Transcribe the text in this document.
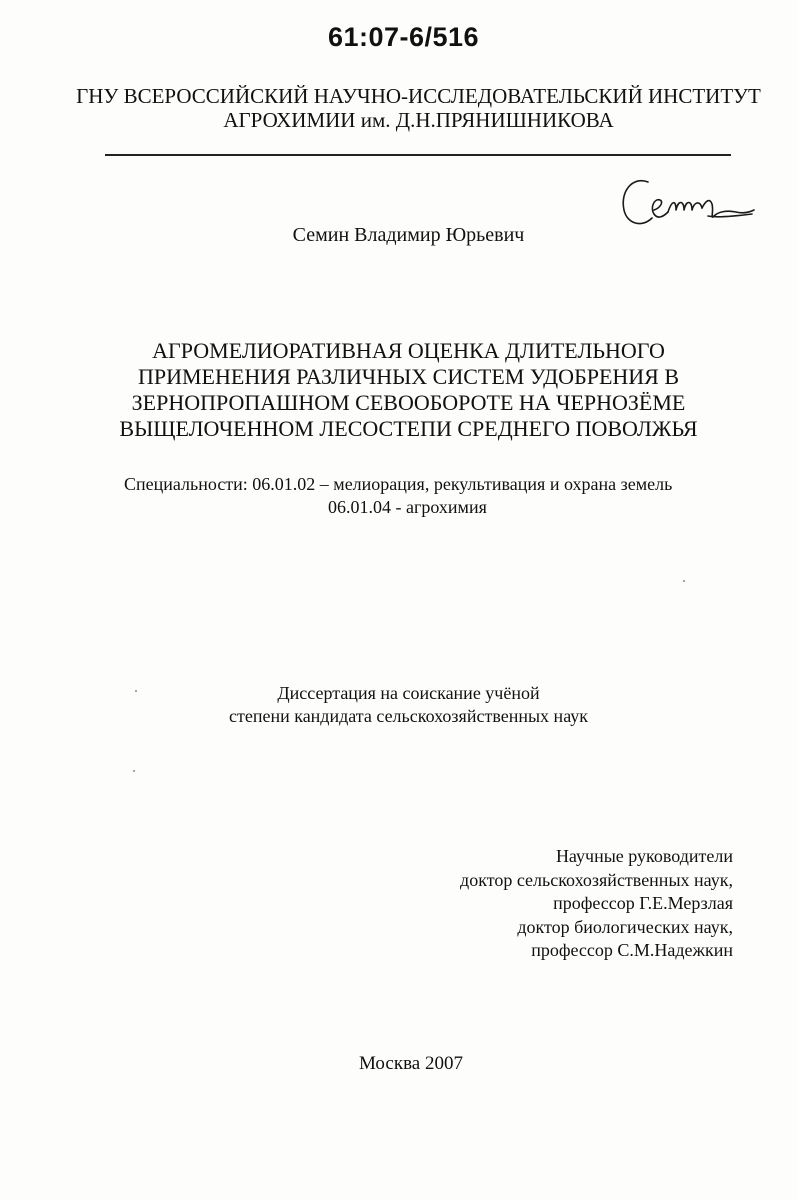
61:07-6/516
ГНУ ВСЕРОССИЙСКИЙ НАУЧНО-ИССЛЕДОВАТЕЛЬСКИЙ ИНСТИТУТ
АГРОХИМИИ им. Д.Н.ПРЯНИШНИКОВА
Семин Владимир Юрьевич
АГРОМЕЛИОРАТИВНАЯ ОЦЕНКА ДЛИТЕЛЬНОГО
ПРИМЕНЕНИЯ РАЗЛИЧНЫХ СИСТЕМ УДОБРЕНИЯ В
ЗЕРНОПРОПАШНОМ СЕВООБОРОТЕ НА ЧЕРНОЗЁМЕ
ВЫЩЕЛОЧЕННОМ ЛЕСОСТЕПИ СРЕДНЕГО ПОВОЛЖЬЯ
Специальности: 06.01.02 – мелиорация, рекультивация и охрана земель
06.01.04 - агрохимия
Диссертация на соискание учёной
степени кандидата сельскохозяйственных наук
Научные руководители
доктор сельскохозяйственных наук,
профессор Г.Е.Мерзлая
доктор биологических наук,
профессор С.М.Надежкин
Москва 2007
